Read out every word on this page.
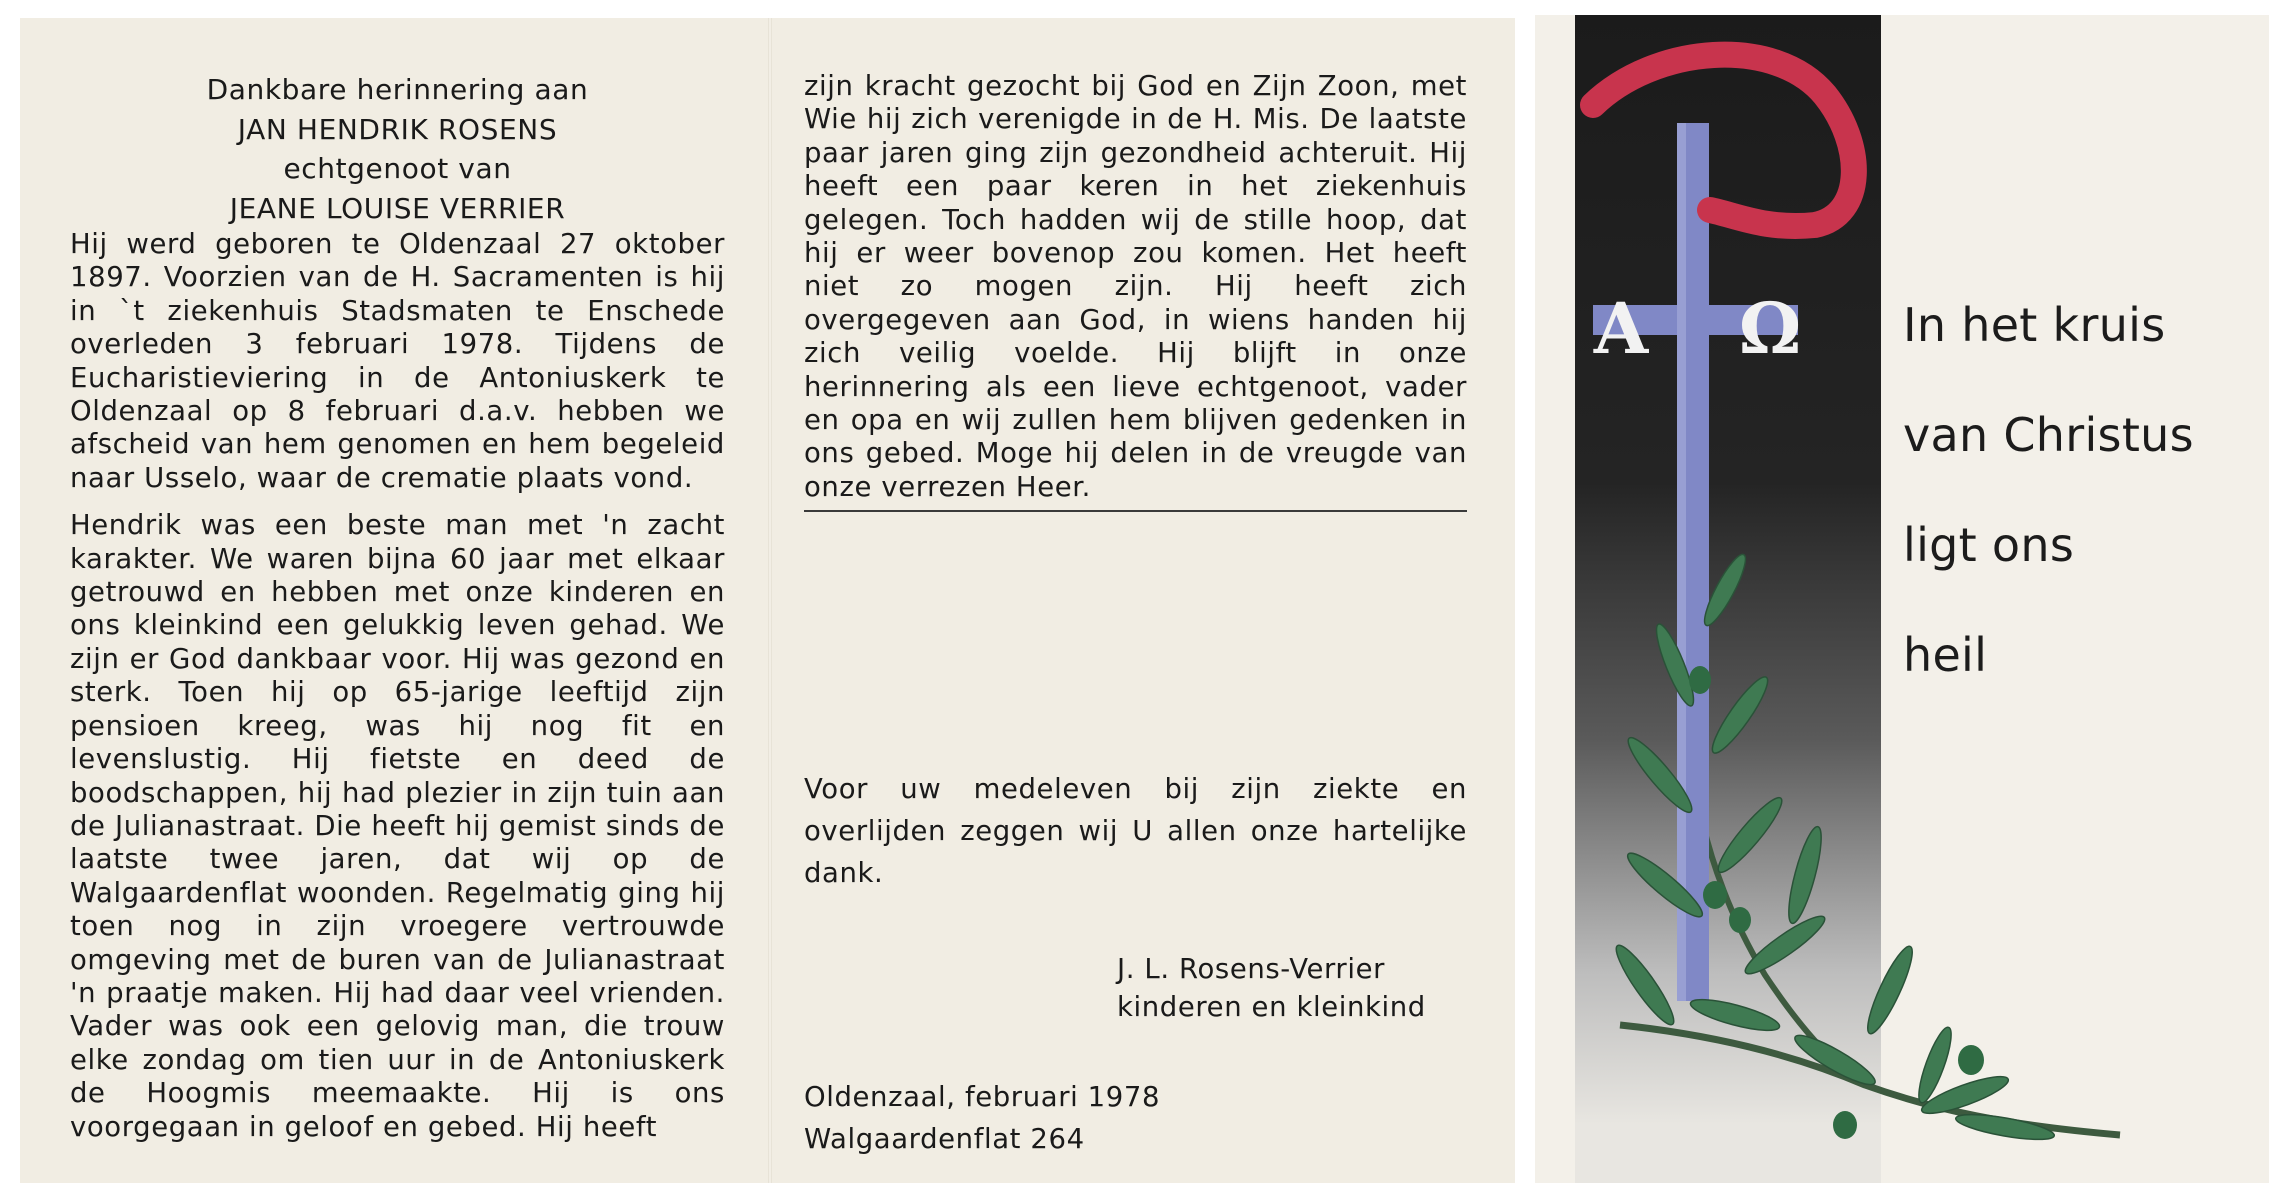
Dankbare herinnering aan
JAN HENDRIK ROSENS
echtgenoot van
JEANE LOUISE VERRIER

Hij werd geboren te Oldenzaal 27 oktober 1897. Voorzien van de H. Sacramenten is hij in `t ziekenhuis Stadsmaten te Enschede overleden 3 februari 1978. Tijdens de Eucharistieviering in de Antoniuskerk te Oldenzaal op 8 februari d.a.v. hebben we afscheid van hem genomen en hem begeleid naar Usselo, waar de crematie plaats vond.

Hendrik was een beste man met 'n zacht karakter. We waren bijna 60 jaar met elkaar getrouwd en hebben met onze kinderen en ons kleinkind een gelukkig leven gehad. We zijn er God dankbaar voor. Hij was gezond en sterk. Toen hij op 65-jarige leeftijd zijn pensioen kreeg, was hij nog fit en levenslustig. Hij fietste en deed de boodschappen, hij had plezier in zijn tuin aan de Julianastraat. Die heeft hij gemist sinds de laatste twee jaren, dat wij op de Walgaardenflat woonden. Regelmatig ging hij toen nog in zijn vroegere vertrouwde omgeving met de buren van de Julianastraat 'n praatje maken. Hij had daar veel vrienden. Vader was ook een gelovig man, die trouw elke zondag om tien uur in de Antoniuskerk de Hoogmis meemaakte. Hij is ons voorgegaan in geloof en gebed. Hij heeft

zijn kracht gezocht bij God en Zijn Zoon, met Wie hij zich verenigde in de H. Mis. De laatste paar jaren ging zijn gezondheid achteruit. Hij heeft een paar keren in het ziekenhuis gelegen. Toch hadden wij de stille hoop, dat hij er weer bovenop zou komen. Het heeft niet zo mogen zijn. Hij heeft zich overgegeven aan God, in wiens handen hij zich veilig voelde. Hij blijft in onze herinnering als een lieve echtgenoot, vader en opa en wij zullen hem blijven gedenken in ons gebed. Moge hij delen in de vreugde van onze verrezen Heer.

Voor uw medeleven bij zijn ziekte en overlijden zeggen wij U allen onze hartelijke dank.
J. L. Rosens-Verrier
kinderen en kleinkind
Oldenzaal, februari 1978
Walgaardenflat 264
A Ω In het kruis
van Christus
ligt ons
heil
